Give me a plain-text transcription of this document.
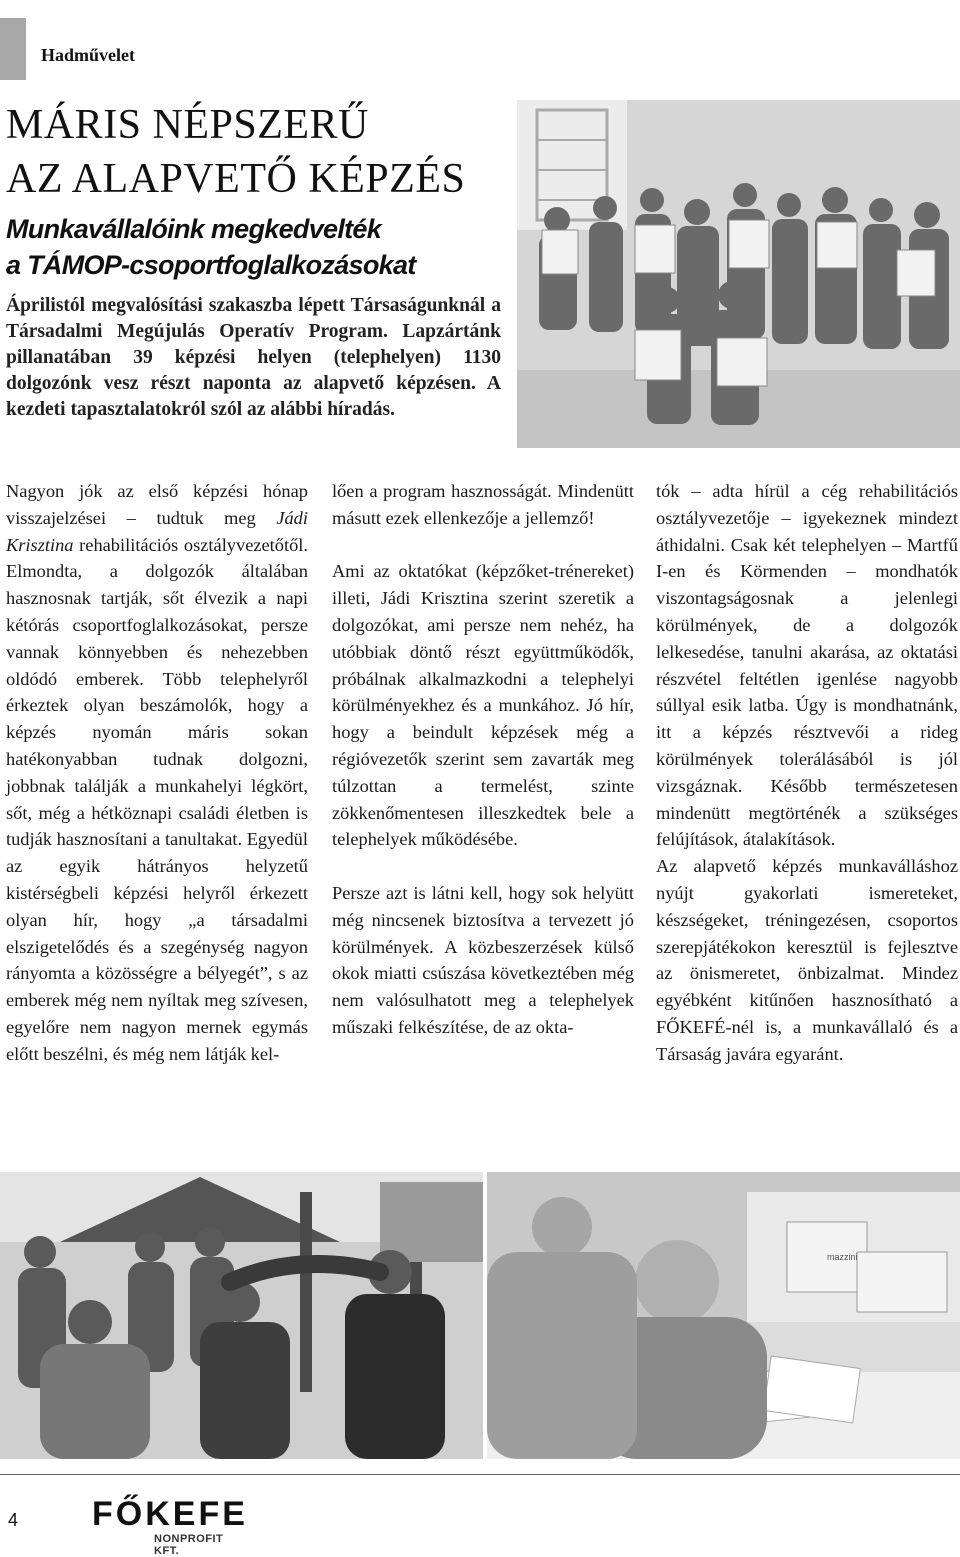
Hadművelet
MÁRIS NÉPSZERŰ
AZ ALAPVETŐ KÉPZÉS
Munkavállalóink megkedvelték
a TÁMOP-csoportfoglalkozásokat

Áprilistól megvalósítási szakaszba lépett Társaságunknál a Társadalmi Megújulás Operatív Program. Lapzártánk pillanatában 39 képzési helyen (telephelyen) 1130 dolgozónk vesz részt naponta az alapvető képzésen. A kezdeti tapasztalatokról szól az alábbi híradás.

Nagyon jók az első képzési hónap visszajelzései – tudtuk meg Jádi Krisztina rehabilitációs osztályvezetőtől. Elmondta, a dolgozók általában hasznosnak tartják, sőt élvezik a napi kétórás csoportfoglalkozásokat, persze vannak könnyebben és nehezebben oldódó emberek. Több telephelyről érkeztek olyan beszámolók, hogy a képzés nyomán máris sokan hatékonyabban tudnak dolgozni, jobbnak találják a munkahelyi légkört, sőt, még a hétköznapi családi életben is tudják hasznosítani a tanultakat. Egyedül az egyik hátrányos helyzetű kistérségbeli képzési helyről érkezett olyan hír, hogy „a társadalmi elszigetelődés és a szegénység nagyon rányomta a közösségre a bélyegét”, s az emberek még nem nyíltak meg szívesen, egyelőre nem nagyon mernek egymás előtt beszélni, és még nem látják kel-

lően a program hasznosságát. Mindenütt másutt ezek ellenkezője a jellemző!

Ami az oktatókat (képzőket-trénereket) illeti, Jádi Krisztina szerint szeretik a dolgozókat, ami persze nem nehéz, ha utóbbiak döntő részt együttműködők, próbálnak alkalmazkodni a telephelyi körülményekhez és a munkához. Jó hír, hogy a beindult képzések még a régióvezetők szerint sem zavarták meg túlzottan a termelést, szinte zökkenőmentesen illeszkedtek bele a telephelyek működésébe.

Persze azt is látni kell, hogy sok helyütt még nincsenek biztosítva a tervezett jó körülmények. A közbeszerzések külső okok miatti csúszása következtében még nem valósulhatott meg a telephelyek műszaki felkészítése, de az okta-

tók – adta hírül a cég rehabilitációs osztályvezetője – igyekeznek mindezt áthidalni. Csak két telephelyen – Martfű I-en és Körmenden – mondhatók viszontagságosnak a jelenlegi körülmények, de a dolgozók lelkesedése, tanulni akarása, az oktatási részvétel feltétlen igenlése nagyobb súllyal esik latba. Úgy is mondhatnánk, itt a képzés résztvevői a rideg körülmények tolerálásából is jól vizsgáznak. Később természetesen mindenütt megtörténék a szükséges felújítások, átalakítások.

Az alapvető képzés munkaválláshoz nyújt gyakorlati ismereteket, készségeket, tréningezésen, csoportos szerepjátékokon keresztül is fejlesztve az önismeretet, önbizalmat. Mindez egyébként kitűnően hasznosítható a FŐKEFÉ-nél is, a munkavállaló és a Társaság javára egyaránt.

mazzini
4 FŐKEFE
NONPROFIT KFT.
